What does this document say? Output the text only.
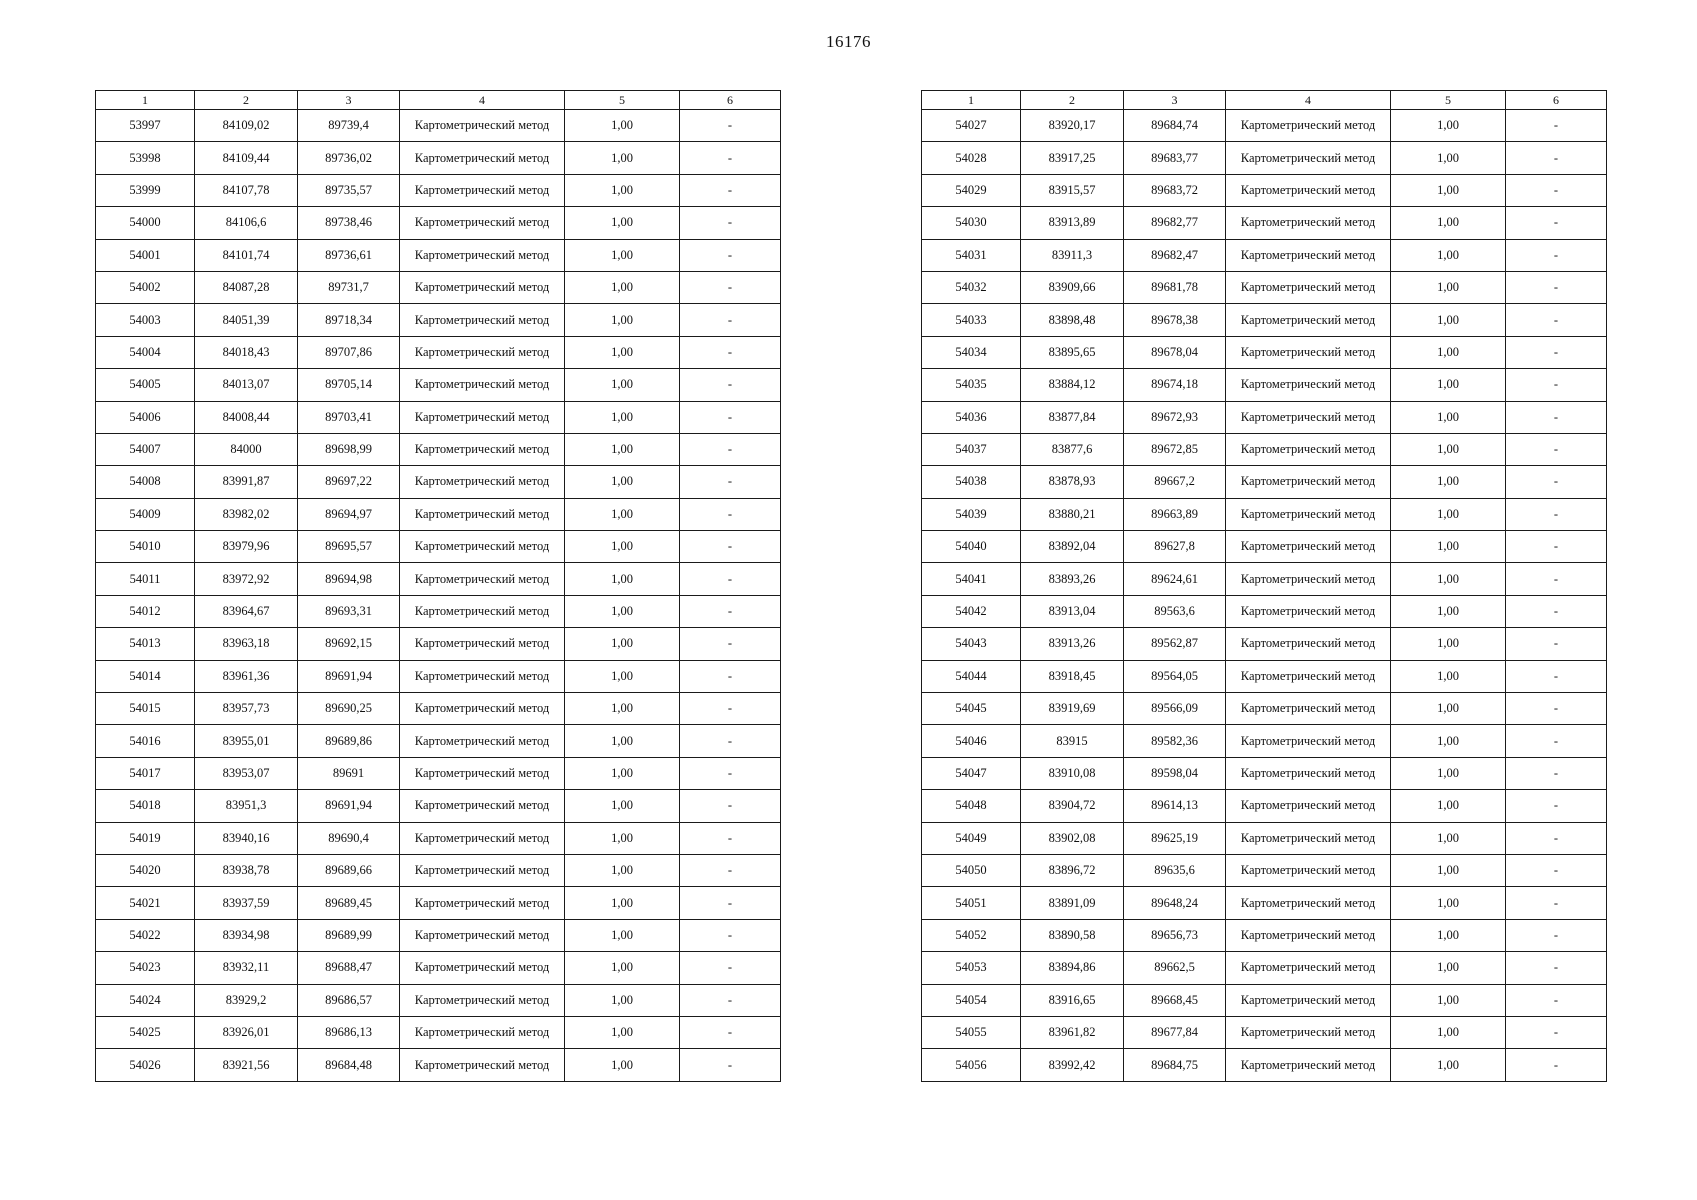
16176
1	2	3	4	5	6
53997	84109,02	89739,4	Картометрический метод	1,00	-
53998	84109,44	89736,02	Картометрический метод	1,00	-
53999	84107,78	89735,57	Картометрический метод	1,00	-
54000	84106,6	89738,46	Картометрический метод	1,00	-
54001	84101,74	89736,61	Картометрический метод	1,00	-
54002	84087,28	89731,7	Картометрический метод	1,00	-
54003	84051,39	89718,34	Картометрический метод	1,00	-
54004	84018,43	89707,86	Картометрический метод	1,00	-
54005	84013,07	89705,14	Картометрический метод	1,00	-
54006	84008,44	89703,41	Картометрический метод	1,00	-
54007	84000	89698,99	Картометрический метод	1,00	-
54008	83991,87	89697,22	Картометрический метод	1,00	-
54009	83982,02	89694,97	Картометрический метод	1,00	-
54010	83979,96	89695,57	Картометрический метод	1,00	-
54011	83972,92	89694,98	Картометрический метод	1,00	-
54012	83964,67	89693,31	Картометрический метод	1,00	-
54013	83963,18	89692,15	Картометрический метод	1,00	-
54014	83961,36	89691,94	Картометрический метод	1,00	-
54015	83957,73	89690,25	Картометрический метод	1,00	-
54016	83955,01	89689,86	Картометрический метод	1,00	-
54017	83953,07	89691	Картометрический метод	1,00	-
54018	83951,3	89691,94	Картометрический метод	1,00	-
54019	83940,16	89690,4	Картометрический метод	1,00	-
54020	83938,78	89689,66	Картометрический метод	1,00	-
54021	83937,59	89689,45	Картометрический метод	1,00	-
54022	83934,98	89689,99	Картометрический метод	1,00	-
54023	83932,11	89688,47	Картометрический метод	1,00	-
54024	83929,2	89686,57	Картометрический метод	1,00	-
54025	83926,01	89686,13	Картометрический метод	1,00	-
54026	83921,56	89684,48	Картометрический метод	1,00	-
1	2	3	4	5	6
54027	83920,17	89684,74	Картометрический метод	1,00	-
54028	83917,25	89683,77	Картометрический метод	1,00	-
54029	83915,57	89683,72	Картометрический метод	1,00	-
54030	83913,89	89682,77	Картометрический метод	1,00	-
54031	83911,3	89682,47	Картометрический метод	1,00	-
54032	83909,66	89681,78	Картометрический метод	1,00	-
54033	83898,48	89678,38	Картометрический метод	1,00	-
54034	83895,65	89678,04	Картометрический метод	1,00	-
54035	83884,12	89674,18	Картометрический метод	1,00	-
54036	83877,84	89672,93	Картометрический метод	1,00	-
54037	83877,6	89672,85	Картометрический метод	1,00	-
54038	83878,93	89667,2	Картометрический метод	1,00	-
54039	83880,21	89663,89	Картометрический метод	1,00	-
54040	83892,04	89627,8	Картометрический метод	1,00	-
54041	83893,26	89624,61	Картометрический метод	1,00	-
54042	83913,04	89563,6	Картометрический метод	1,00	-
54043	83913,26	89562,87	Картометрический метод	1,00	-
54044	83918,45	89564,05	Картометрический метод	1,00	-
54045	83919,69	89566,09	Картометрический метод	1,00	-
54046	83915	89582,36	Картометрический метод	1,00	-
54047	83910,08	89598,04	Картометрический метод	1,00	-
54048	83904,72	89614,13	Картометрический метод	1,00	-
54049	83902,08	89625,19	Картометрический метод	1,00	-
54050	83896,72	89635,6	Картометрический метод	1,00	-
54051	83891,09	89648,24	Картометрический метод	1,00	-
54052	83890,58	89656,73	Картометрический метод	1,00	-
54053	83894,86	89662,5	Картометрический метод	1,00	-
54054	83916,65	89668,45	Картометрический метод	1,00	-
54055	83961,82	89677,84	Картометрический метод	1,00	-
54056	83992,42	89684,75	Картометрический метод	1,00	-
